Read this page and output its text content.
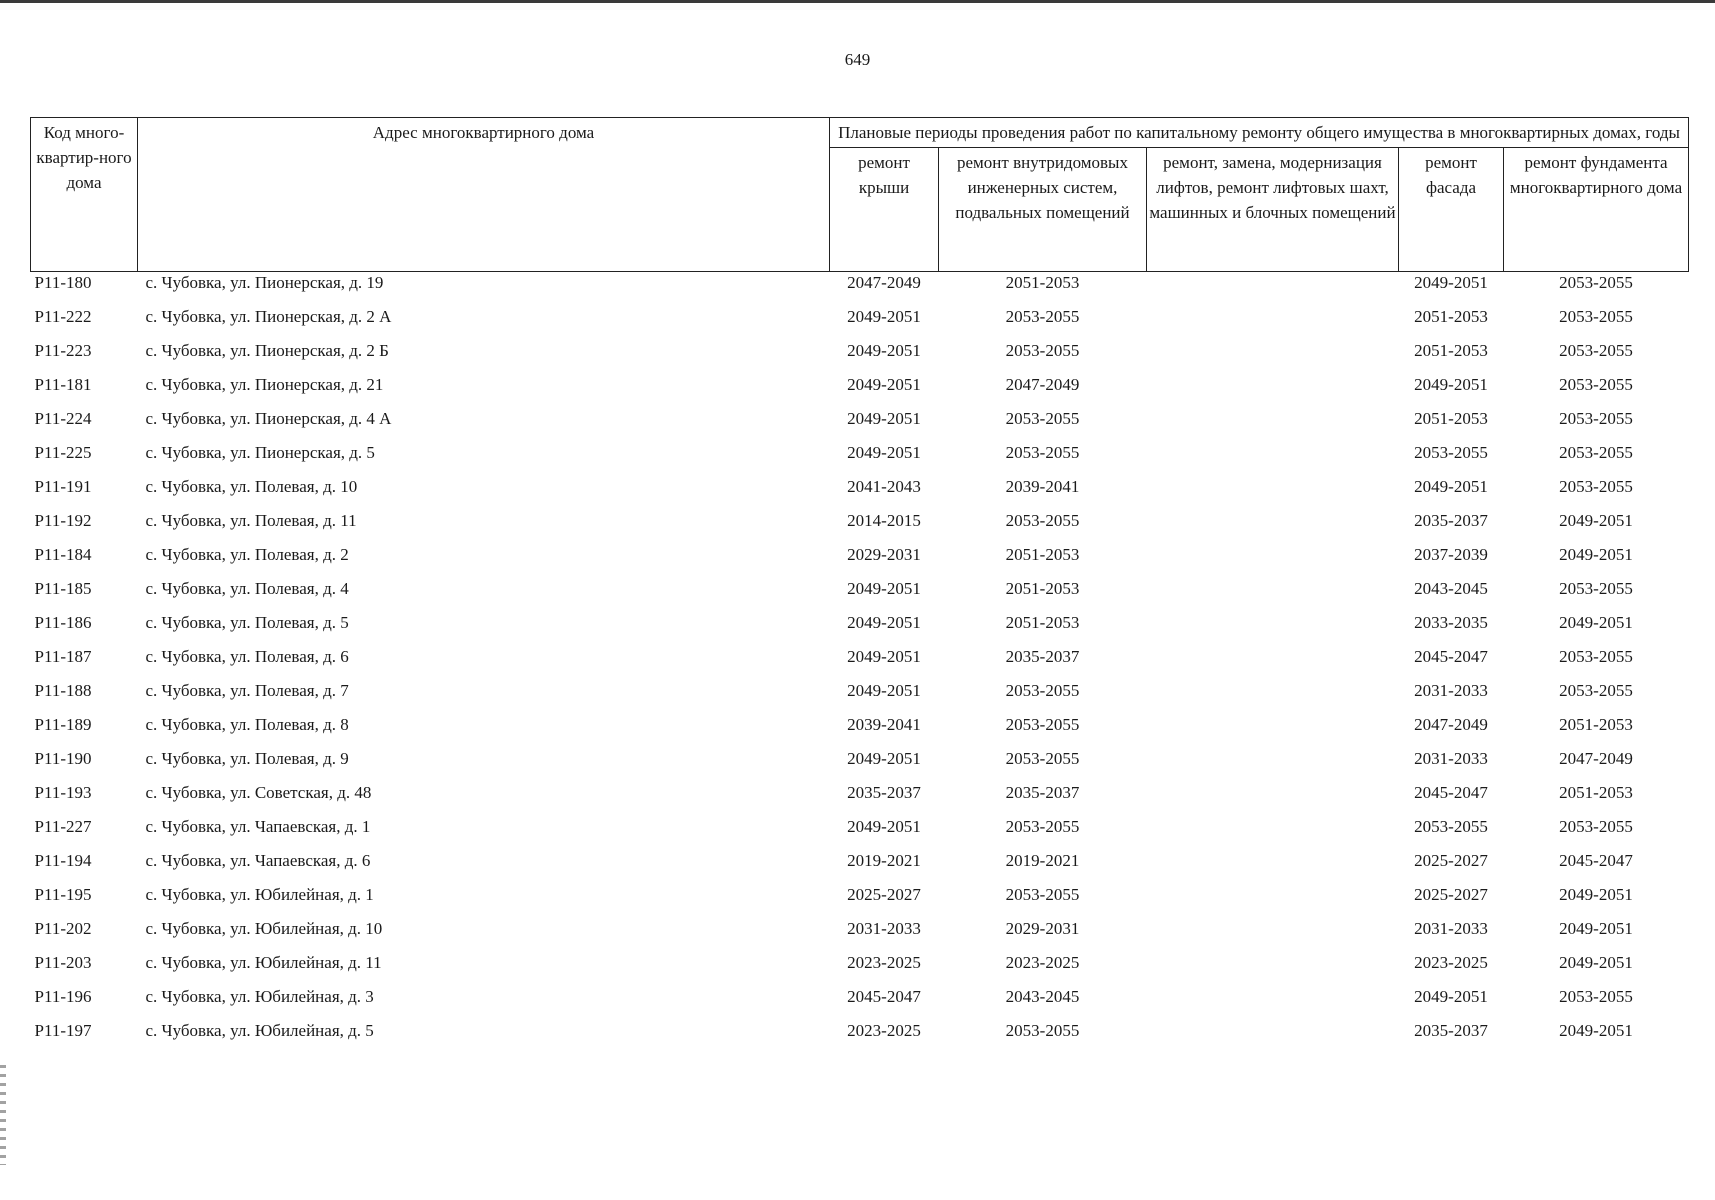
649
Код много-квартир-ного дома	Адрес многоквартирного дома	Плановые периоды проведения работ по капитальному ремонту общего имущества в многоквартирных домах, годы				
		ремонт крыши	ремонт внутридомовых инженерных систем, подвальных помещений	ремонт, замена, модернизация лифтов, ремонт лифтовых шахт, машинных и блочных помещений	ремонт фасада	ремонт фундамента многоквартирного дома
P11-180	с. Чубовка, ул. Пионерская, д. 19	2047-2049	2051-2053		2049-2051	2053-2055
P11-222	с. Чубовка, ул. Пионерская, д. 2 А	2049-2051	2053-2055		2051-2053	2053-2055
P11-223	с. Чубовка, ул. Пионерская, д. 2 Б	2049-2051	2053-2055		2051-2053	2053-2055
P11-181	с. Чубовка, ул. Пионерская, д. 21	2049-2051	2047-2049		2049-2051	2053-2055
P11-224	с. Чубовка, ул. Пионерская, д. 4 А	2049-2051	2053-2055		2051-2053	2053-2055
P11-225	с. Чубовка, ул. Пионерская, д. 5	2049-2051	2053-2055		2053-2055	2053-2055
P11-191	с. Чубовка, ул. Полевая, д. 10	2041-2043	2039-2041		2049-2051	2053-2055
P11-192	с. Чубовка, ул. Полевая, д. 11	2014-2015	2053-2055		2035-2037	2049-2051
P11-184	с. Чубовка, ул. Полевая, д. 2	2029-2031	2051-2053		2037-2039	2049-2051
P11-185	с. Чубовка, ул. Полевая, д. 4	2049-2051	2051-2053		2043-2045	2053-2055
P11-186	с. Чубовка, ул. Полевая, д. 5	2049-2051	2051-2053		2033-2035	2049-2051
P11-187	с. Чубовка, ул. Полевая, д. 6	2049-2051	2035-2037		2045-2047	2053-2055
P11-188	с. Чубовка, ул. Полевая, д. 7	2049-2051	2053-2055		2031-2033	2053-2055
P11-189	с. Чубовка, ул. Полевая, д. 8	2039-2041	2053-2055		2047-2049	2051-2053
P11-190	с. Чубовка, ул. Полевая, д. 9	2049-2051	2053-2055		2031-2033	2047-2049
P11-193	с. Чубовка, ул. Советская, д. 48	2035-2037	2035-2037		2045-2047	2051-2053
P11-227	с. Чубовка, ул. Чапаевская, д. 1	2049-2051	2053-2055		2053-2055	2053-2055
P11-194	с. Чубовка, ул. Чапаевская, д. 6	2019-2021	2019-2021		2025-2027	2045-2047
P11-195	с. Чубовка, ул. Юбилейная, д. 1	2025-2027	2053-2055		2025-2027	2049-2051
P11-202	с. Чубовка, ул. Юбилейная, д. 10	2031-2033	2029-2031		2031-2033	2049-2051
P11-203	с. Чубовка, ул. Юбилейная, д. 11	2023-2025	2023-2025		2023-2025	2049-2051
P11-196	с. Чубовка, ул. Юбилейная, д. 3	2045-2047	2043-2045		2049-2051	2053-2055
P11-197	с. Чубовка, ул. Юбилейная, д. 5	2023-2025	2053-2055		2035-2037	2049-2051
